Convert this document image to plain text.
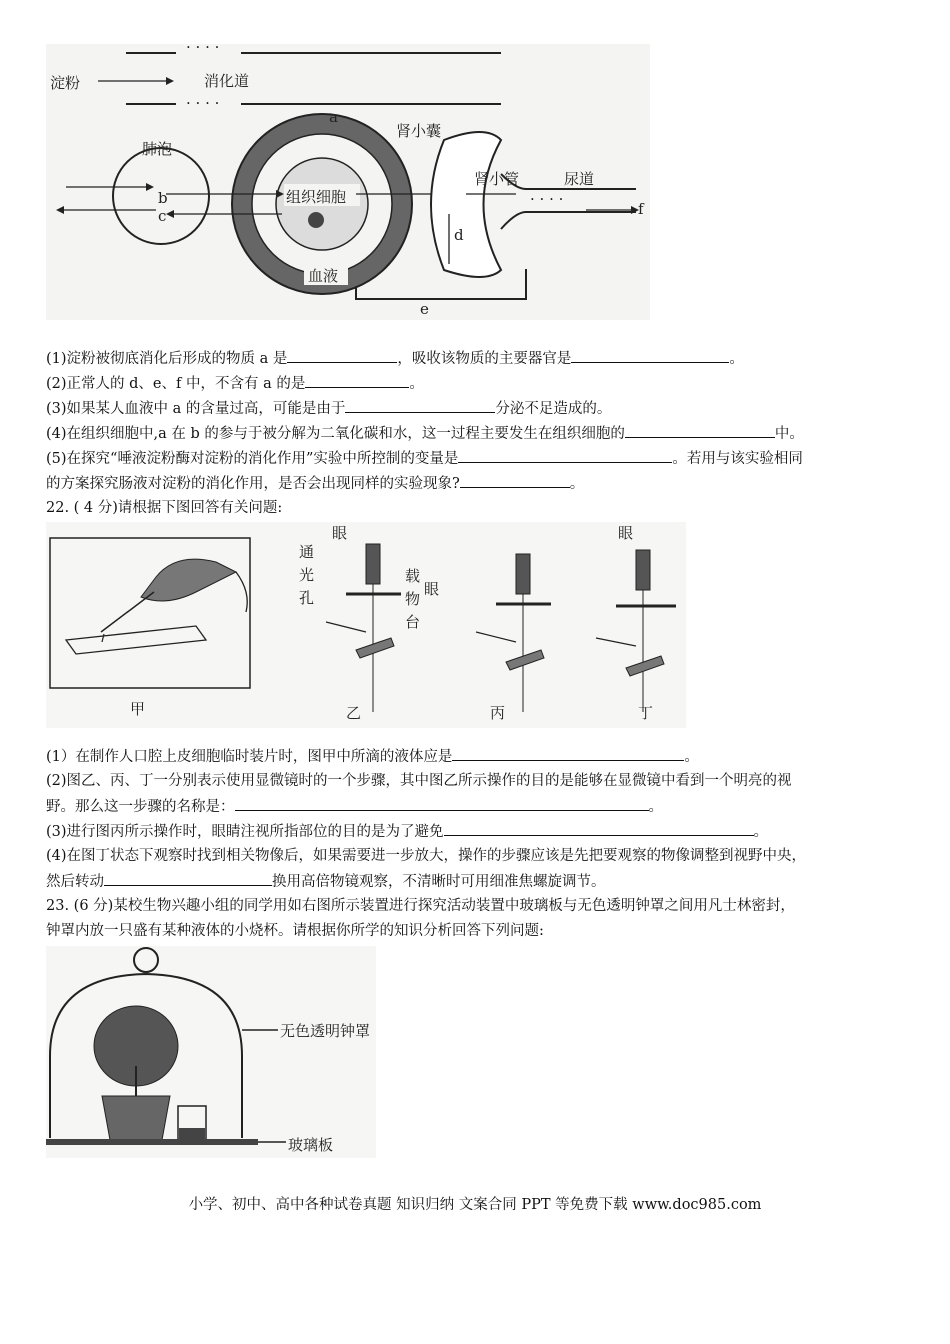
淀粉
· · · ·
· · · ·
消化道
a
肺泡
b
c
组织细胞
血液
肾小囊
肾小管
· · · ·
尿道
f
d
e
(1)淀粉被彻底消化后形成的物质 a 是	，吸收该物质的主要器官是	。
(2)正常人的 d、e、f 中，不含有 a 的是	。
(3)如果某人血液中 a 的含量过高，可能是由于	分泌不足造成的。
(4)在组织细胞中,a 在 b 的参与于被分解为二氧化碳和水，这一过程主要发生在组织细胞的	中。
(5)在探究“唾液淀粉酶对淀粉的消化作用”实验中所控制的变量是	。若用与该实验相同
的方案探究肠液对淀粉的消化作用，是否会出现同样的实验现象?	。
22. ( 4 分)请根据下图回答有关问题:
甲	乙	丙	丁
眼
眼
眼
通光孔	载物台
(1）在制作人口腔上皮细胞临时装片时，图甲中所滴的液体应是	。
(2)图乙、丙、丁一分别表示使用显微镜时的一个步骤，其中图乙所示操作的目的是能够在显微镜中看到一个明亮的视
野。那么这一步骤的名称是：	。
(3)进行图丙所示操作时，眼睛注视所指部位的目的是为了避免	。
(4)在图丁状态下观察时找到相关物像后，如果需要进一步放大，操作的步骤应该是先把要观察的物像调整到视野中央，
然后转动	换用高倍物镜观察，不清晰时可用细准焦螺旋调节。
23. (6 分)某校生物兴趣小组的同学用如右图所示装置进行探究活动装置中玻璃板与无色透明钟罩之间用凡士林密封，
钟罩内放一只盛有某种液体的小烧杯。请根据你所学的知识分析回答下列问题:
无色透明钟罩
玻璃板
小学、初中、高中各种试卷真题 知识归纳 文案合同 PPT 等免费下载 www.doc985.com
